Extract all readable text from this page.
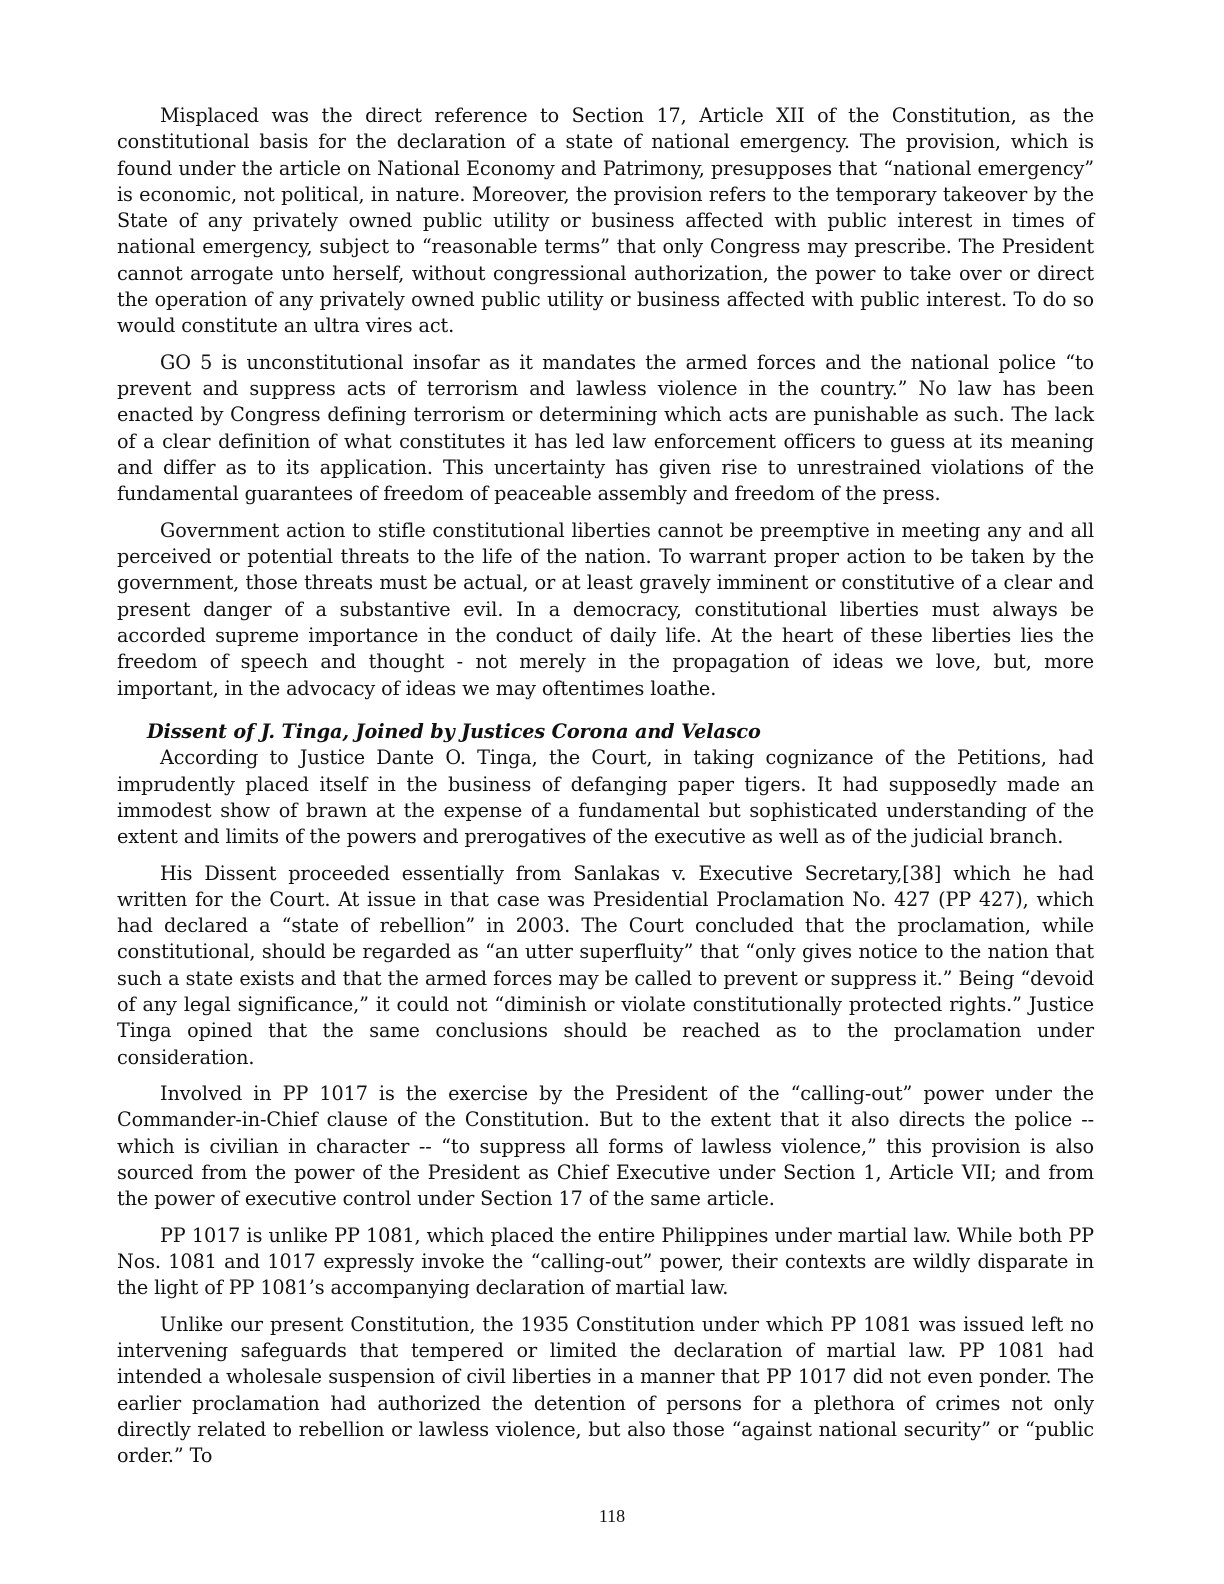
Misplaced was the direct reference to Section 17, Article XII of the Constitution, as the constitutional basis for the declaration of a state of national emergency. The provision, which is found under the article on National Economy and Patrimony, presupposes that “national emergency” is economic, not political, in nature. Moreover, the provision refers to the temporary takeover by the State of any privately owned public utility or business affected with public interest in times of national emergency, subject to “reasonable terms” that only Congress may prescribe. The President cannot arrogate unto herself, without congressional authorization, the power to take over or direct the operation of any privately owned public utility or business affected with public interest. To do so would constitute an ultra vires act.

GO 5 is unconstitutional insofar as it mandates the armed forces and the national police “to prevent and suppress acts of terrorism and lawless violence in the country.” No law has been enacted by Congress defining terrorism or determining which acts are punishable as such. The lack of a clear definition of what constitutes it has led law enforcement officers to guess at its meaning and differ as to its application. This uncertainty has given rise to unrestrained violations of the fundamental guarantees of freedom of peaceable assembly and freedom of the press.

Government action to stifle constitutional liberties cannot be preemptive in meeting any and all perceived or potential threats to the life of the nation. To warrant proper action to be taken by the government, those threats must be actual, or at least gravely imminent or constitutive of a clear and present danger of a substantive evil. In a democracy, constitutional liberties must always be accorded supreme importance in the conduct of daily life. At the heart of these liberties lies the freedom of speech and thought - not merely in the propagation of ideas we love, but, more important, in the advocacy of ideas we may oftentimes loathe.

Dissent of J. Tinga, Joined by Justices Corona and Velasco

According to Justice Dante O. Tinga, the Court, in taking cognizance of the Petitions, had imprudently placed itself in the business of defanging paper tigers. It had supposedly made an immodest show of brawn at the expense of a fundamental but sophisticated understanding of the extent and limits of the powers and prerogatives of the executive as well as of the judicial branch.

His Dissent proceeded essentially from Sanlakas v. Executive Secretary,[38] which he had written for the Court. At issue in that case was Presidential Proclamation No. 427 (PP 427), which had declared a “state of rebellion” in 2003. The Court concluded that the proclamation, while constitutional, should be regarded as “an utter superfluity” that “only gives notice to the nation that such a state exists and that the armed forces may be called to prevent or suppress it.” Being “devoid of any legal significance,” it could not “diminish or violate constitutionally protected rights.” Justice Tinga opined that the same conclusions should be reached as to the proclamation under consideration.

Involved in PP 1017 is the exercise by the President of the “calling-out” power under the Commander-in-Chief clause of the Constitution. But to the extent that it also directs the police -- which is civilian in character -- “to suppress all forms of lawless violence,” this provision is also sourced from the power of the President as Chief Executive under Section 1, Article VII; and from the power of executive control under Section 17 of the same article.

PP 1017 is unlike PP 1081, which placed the entire Philippines under martial law. While both PP Nos. 1081 and 1017 expressly invoke the “calling-out” power, their contexts are wildly disparate in the light of PP 1081’s accompanying declaration of martial law.

Unlike our present Constitution, the 1935 Constitution under which PP 1081 was issued left no intervening safeguards that tempered or limited the declaration of martial law. PP 1081 had intended a wholesale suspension of civil liberties in a manner that PP 1017 did not even ponder. The earlier proclamation had authorized the detention of persons for a plethora of crimes not only directly related to rebellion or lawless violence, but also those “against national security” or “public order.” To

118
